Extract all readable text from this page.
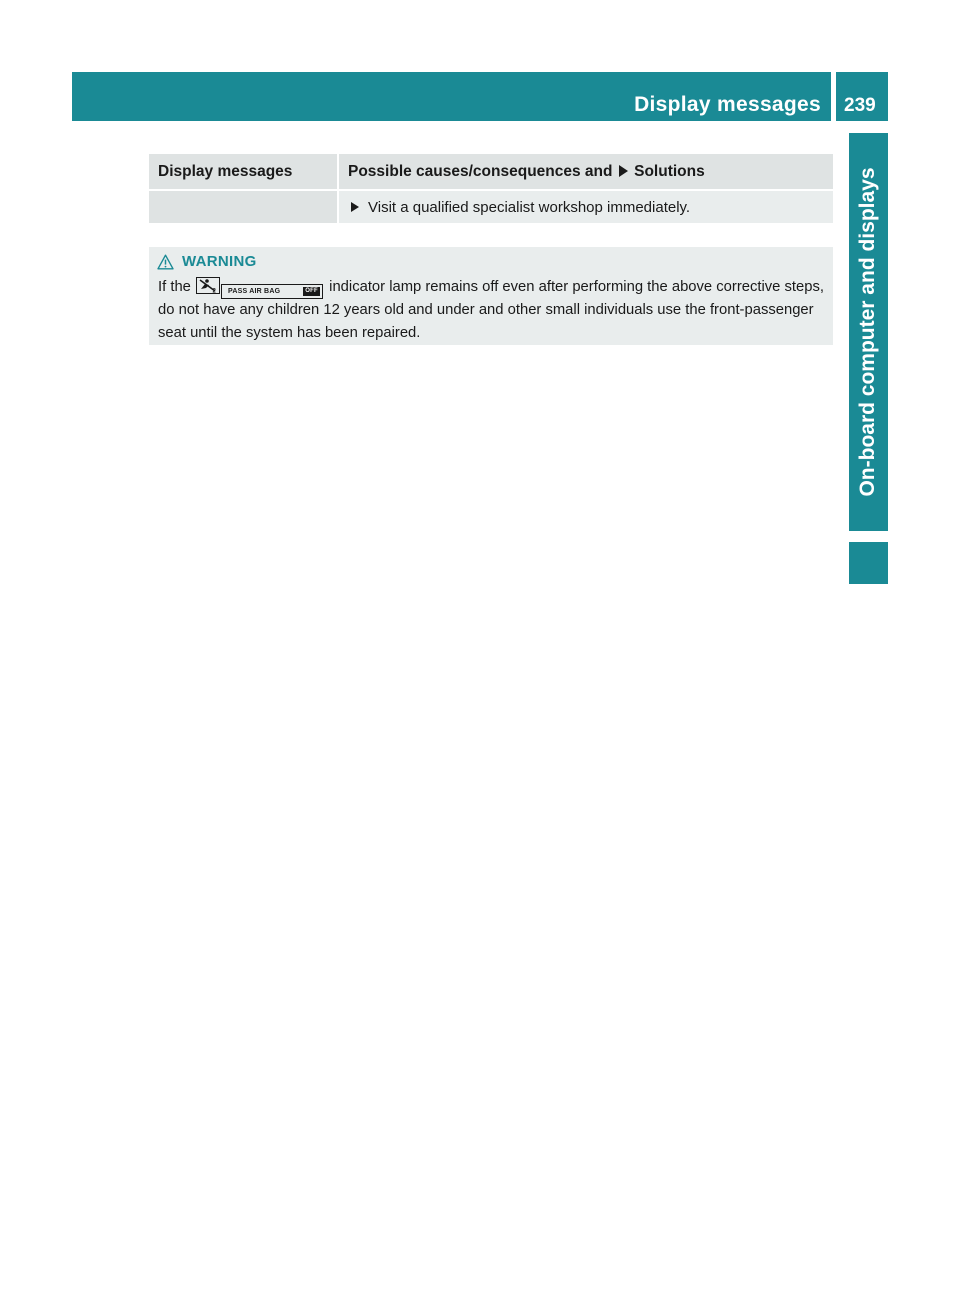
Display messages 239
On-board computer and displays
Display messages	Possible causes/consequences and Solutions
	Visit a qualified specialist workshop immediately.
WARNING
If the	2 PASS AIR BAG	OFF indicator lamp remains off even after performing the above corrective steps, do not have any children 12 years old and under and other small individuals use the front-passenger seat until the system has been repaired.
